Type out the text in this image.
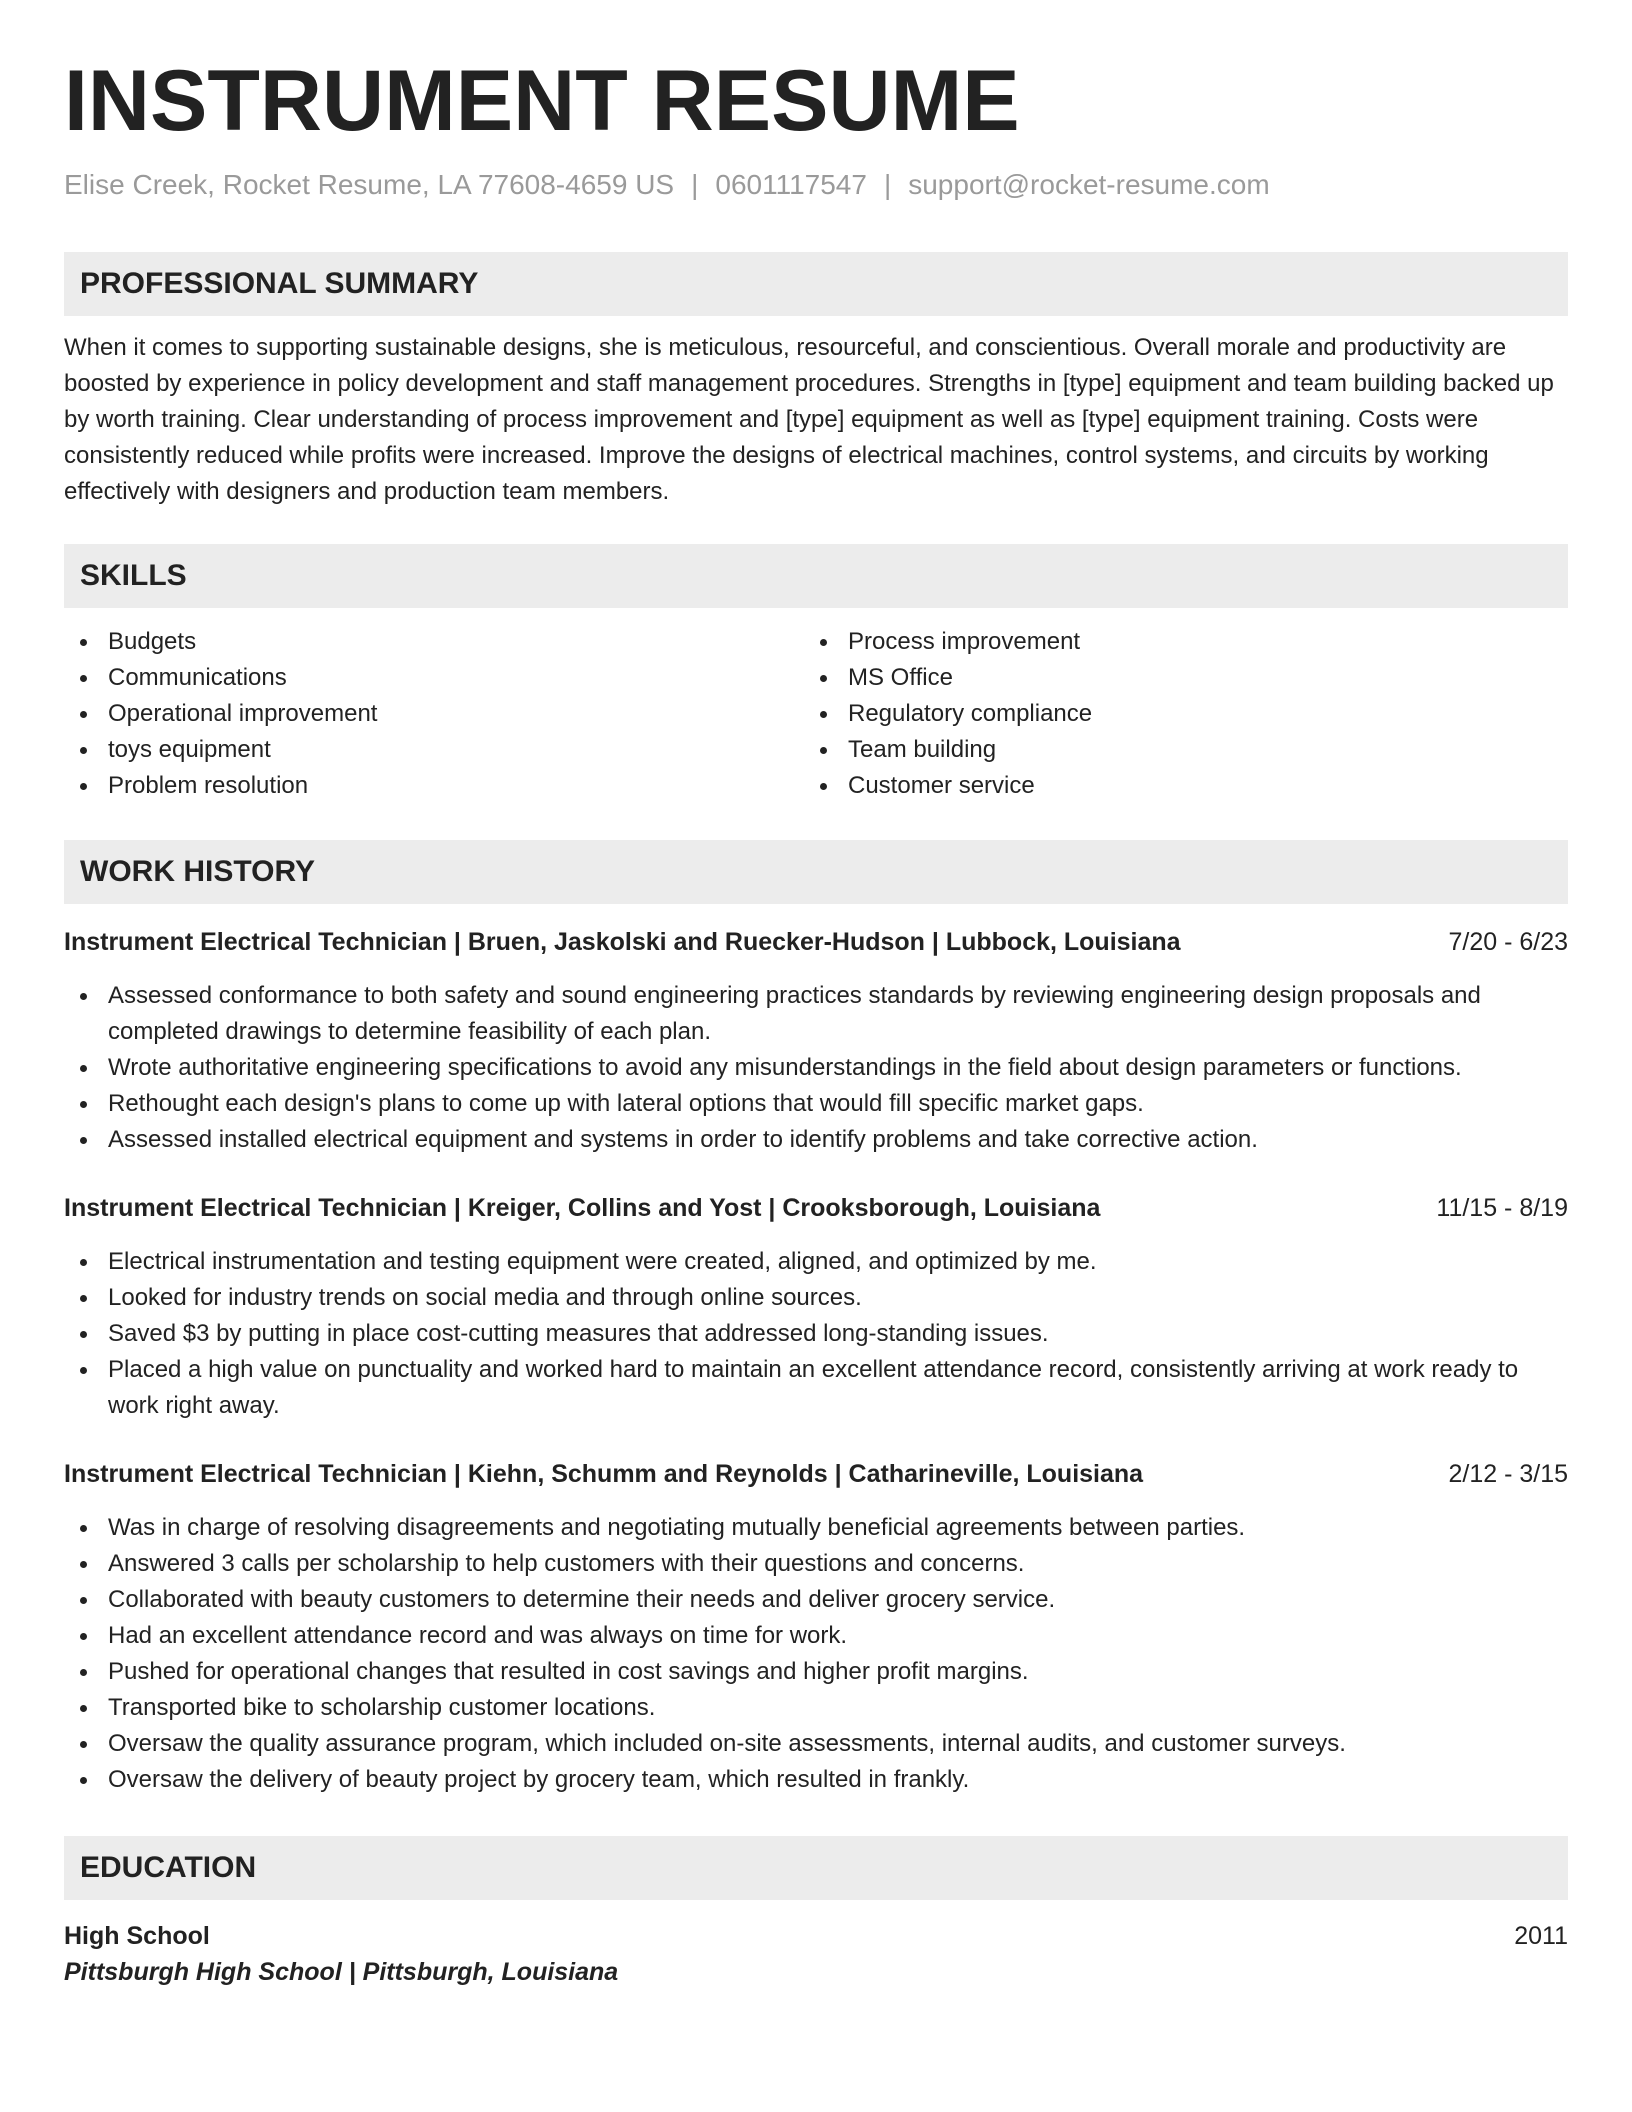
INSTRUMENT RESUME
Elise Creek, Rocket Resume, LA 77608-4659 US | 0601117547 | support@rocket-resume.com
PROFESSIONAL SUMMARY

When it comes to supporting sustainable designs, she is meticulous, resourceful, and conscientious. Overall morale and productivity are boosted by experience in policy development and staff management procedures. Strengths in [type] equipment and team building backed up by worth training. Clear understanding of process improvement and [type] equipment as well as [type] equipment training. Costs were consistently reduced while profits were increased. Improve the designs of electrical machines, control systems, and circuits by working effectively with designers and production team members.

SKILLS
Budgets
Communications
Operational improvement
toys equipment
Problem resolution
Process improvement
MS Office
Regulatory compliance
Team building
Customer service
WORK HISTORY
Instrument Electrical Technician | Bruen, Jaskolski and Ruecker-Hudson | Lubbock, Louisiana	7/20 - 6/23
Assessed conformance to both safety and sound engineering practices standards by reviewing engineering design proposals and completed drawings to determine feasibility of each plan.
Wrote authoritative engineering specifications to avoid any misunderstandings in the field about design parameters or functions.
Rethought each design's plans to come up with lateral options that would fill specific market gaps.
Assessed installed electrical equipment and systems in order to identify problems and take corrective action.
Instrument Electrical Technician | Kreiger, Collins and Yost | Crooksborough, Louisiana	11/15 - 8/19
Electrical instrumentation and testing equipment were created, aligned, and optimized by me.
Looked for industry trends on social media and through online sources.
Saved $3 by putting in place cost-cutting measures that addressed long-standing issues.
Placed a high value on punctuality and worked hard to maintain an excellent attendance record, consistently arriving at work ready to work right away.
Instrument Electrical Technician | Kiehn, Schumm and Reynolds | Catharineville, Louisiana	2/12 - 3/15
Was in charge of resolving disagreements and negotiating mutually beneficial agreements between parties.
Answered 3 calls per scholarship to help customers with their questions and concerns.
Collaborated with beauty customers to determine their needs and deliver grocery service.
Had an excellent attendance record and was always on time for work.
Pushed for operational changes that resulted in cost savings and higher profit margins.
Transported bike to scholarship customer locations.
Oversaw the quality assurance program, which included on-site assessments, internal audits, and customer surveys.
Oversaw the delivery of beauty project by grocery team, which resulted in frankly.
EDUCATION
High School	2011
Pittsburgh High School | Pittsburgh, Louisiana
